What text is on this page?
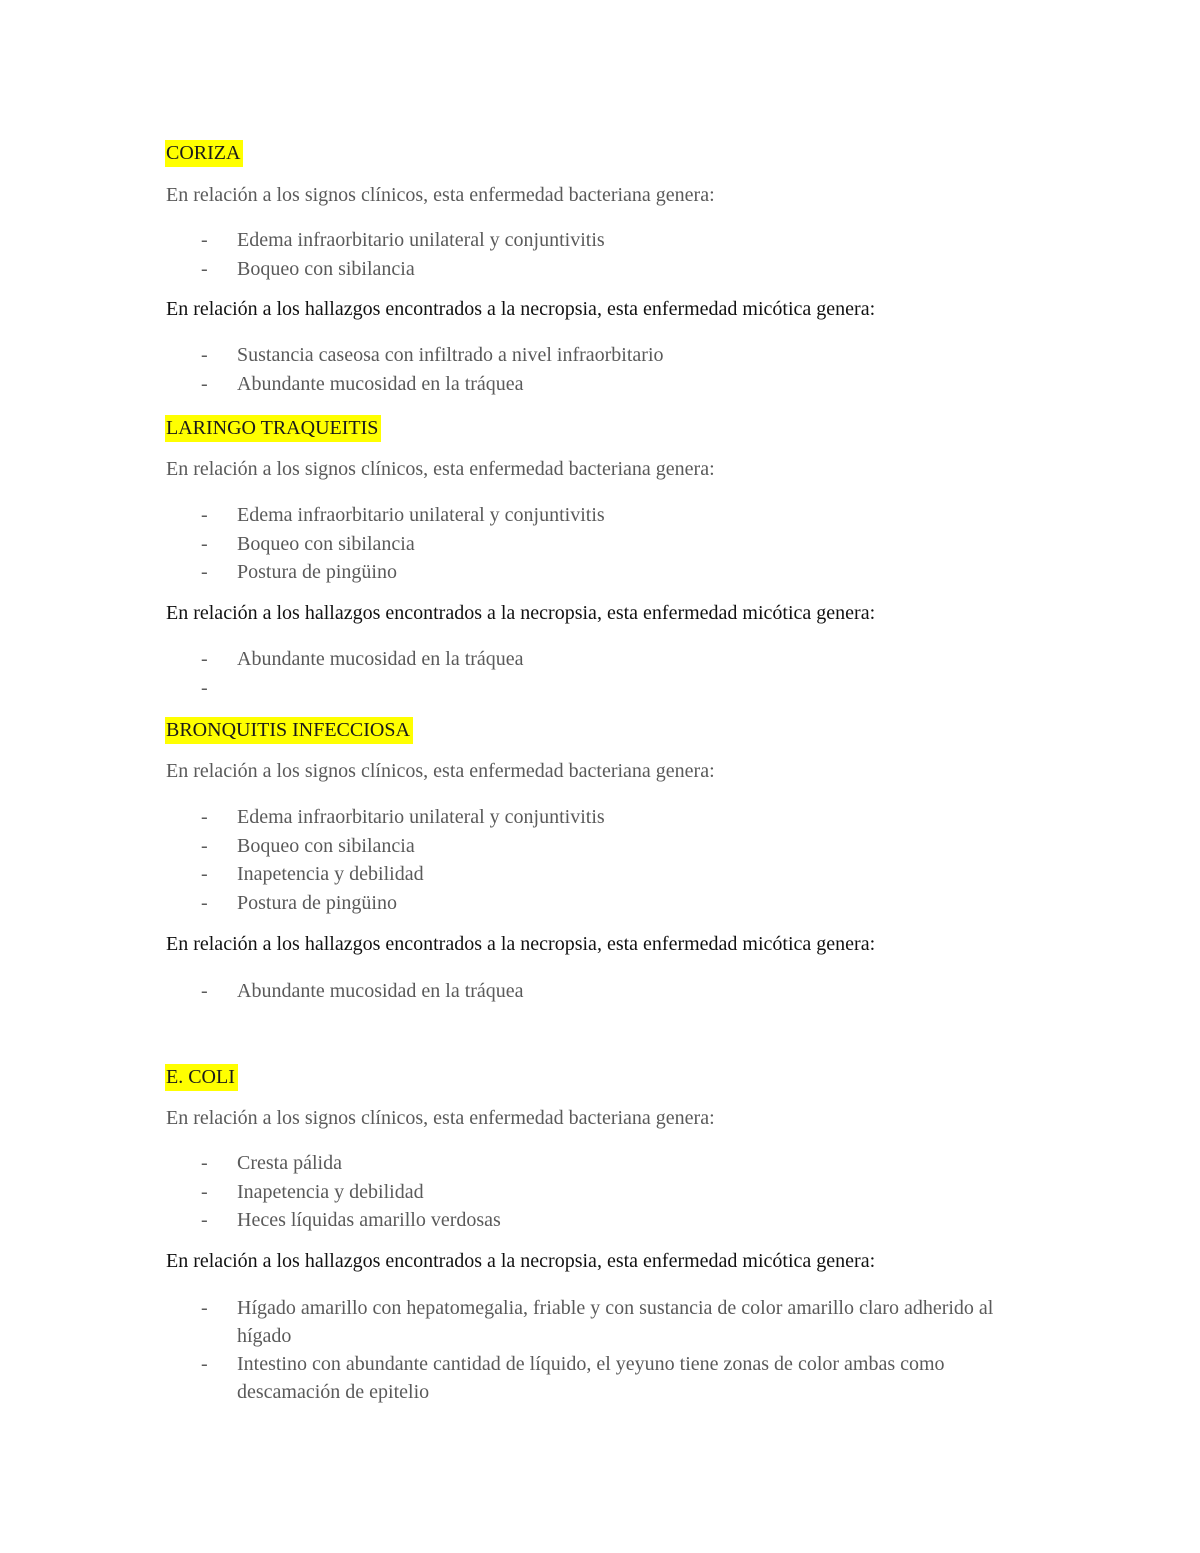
CORIZA
En relación a los signos clínicos, esta enfermedad bacteriana genera:
- Edema infraorbitario unilateral y conjuntivitis
- Boqueo con sibilancia
En relación a los hallazgos encontrados a la necropsia, esta enfermedad micótica genera:
- Sustancia caseosa con infiltrado a nivel infraorbitario
- Abundante mucosidad en la tráquea
LARINGO TRAQUEITIS
En relación a los signos clínicos, esta enfermedad bacteriana genera:
- Edema infraorbitario unilateral y conjuntivitis
- Boqueo con sibilancia
- Postura de pingüino
En relación a los hallazgos encontrados a la necropsia, esta enfermedad micótica genera:
- Abundante mucosidad en la tráquea
-
BRONQUITIS INFECCIOSA
En relación a los signos clínicos, esta enfermedad bacteriana genera:
- Edema infraorbitario unilateral y conjuntivitis
- Boqueo con sibilancia
- Inapetencia y debilidad
- Postura de pingüino
En relación a los hallazgos encontrados a la necropsia, esta enfermedad micótica genera:
- Abundante mucosidad en la tráquea
E. COLI
En relación a los signos clínicos, esta enfermedad bacteriana genera:
- Cresta pálida
- Inapetencia y debilidad
- Heces líquidas amarillo verdosas
En relación a los hallazgos encontrados a la necropsia, esta enfermedad micótica genera:
- Hígado amarillo con hepatomegalia, friable y con sustancia de color amarillo claro adherido al hígado
- Intestino con abundante cantidad de líquido, el yeyuno tiene zonas de color ambas como descamación de epitelio
